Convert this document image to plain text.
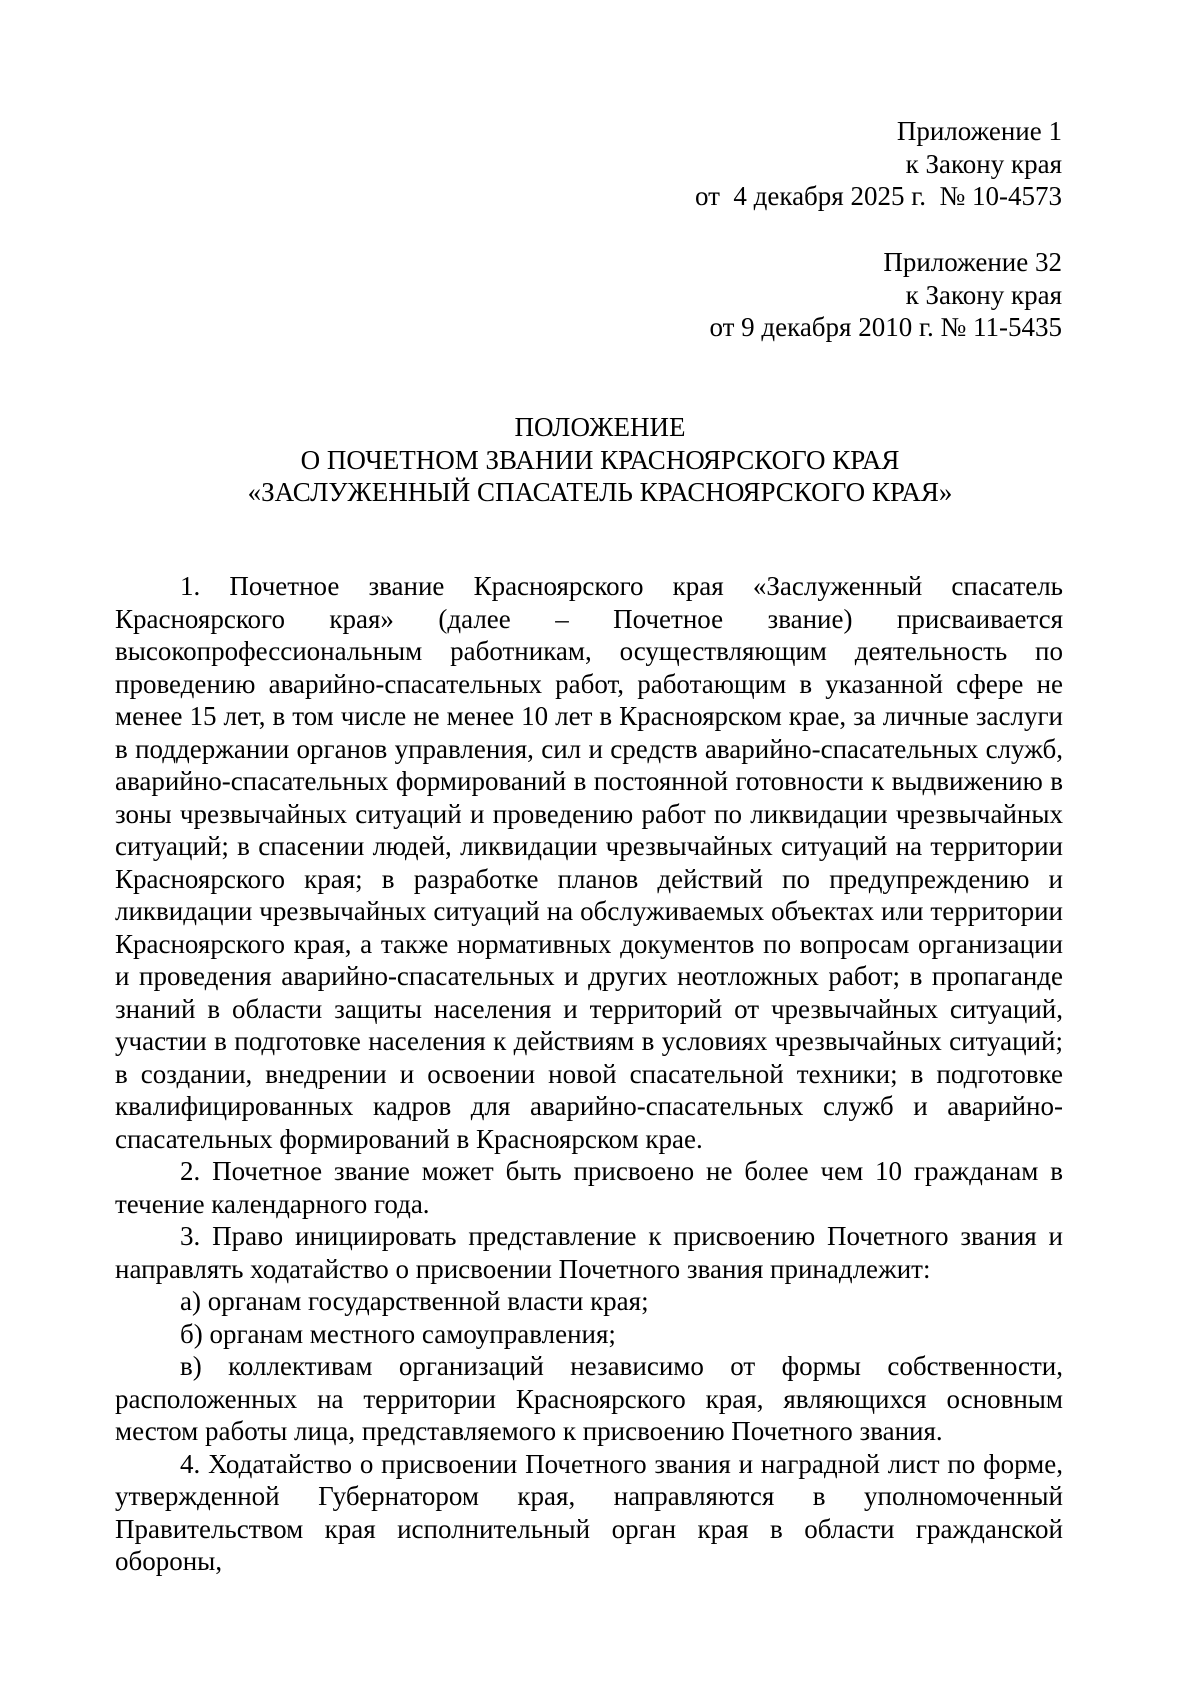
Приложение 1
к Закону края
от  4 декабря 2025 г.  № 10-4573
Приложение 32
к Закону края
от 9 декабря 2010 г. № 11-5435
ПОЛОЖЕНИЕ
О ПОЧЕТНОМ ЗВАНИИ КРАСНОЯРСКОГО КРАЯ
«ЗАСЛУЖЕННЫЙ СПАСАТЕЛЬ КРАСНОЯРСКОГО КРАЯ»

1. Почетное звание Красноярского края «Заслуженный спасатель Красноярского края» (далее – Почетное звание) присваивается высокопрофессиональным работникам, осуществляющим деятельность по проведению аварийно-спасательных работ, работающим в указанной сфере не менее 15 лет, в том числе не менее 10 лет в Красноярском крае, за личные заслуги в поддержании органов управления, сил и средств аварийно-спасательных служб, аварийно-спасательных формирований в постоянной готовности к выдвижению в зоны чрезвычайных ситуаций и проведению работ по ликвидации чрезвычайных ситуаций; в спасении людей, ликвидации чрезвычайных ситуаций на территории Красноярского края; в разработке планов действий по предупреждению и ликвидации чрезвычайных ситуаций на обслуживаемых объектах или территории Красноярского края, а также нормативных документов по вопросам организации и проведения аварийно-спасательных и других неотложных работ; в пропаганде знаний в области защиты населения и территорий от чрезвычайных ситуаций, участии в подготовке населения к действиям в условиях чрезвычайных ситуаций; в создании, внедрении и освоении новой спасательной техники; в подготовке квалифицированных кадров для аварийно-спасательных служб и аварийно-спасательных формирований в Красноярском крае.

2. Почетное звание может быть присвоено не более чем 10 гражданам в течение календарного года.

3. Право инициировать представление к присвоению Почетного звания и направлять ходатайство о присвоении Почетного звания принадлежит:

а) органам государственной власти края;

б) органам местного самоуправления;

в) коллективам организаций независимо от формы собственности, расположенных на территории Красноярского края, являющихся основным местом работы лица, представляемого к присвоению Почетного звания.

4. Ходатайство о присвоении Почетного звания и наградной лист по форме, утвержденной Губернатором края, направляются в уполномоченный Правительством края исполнительный орган края в области гражданской обороны,
